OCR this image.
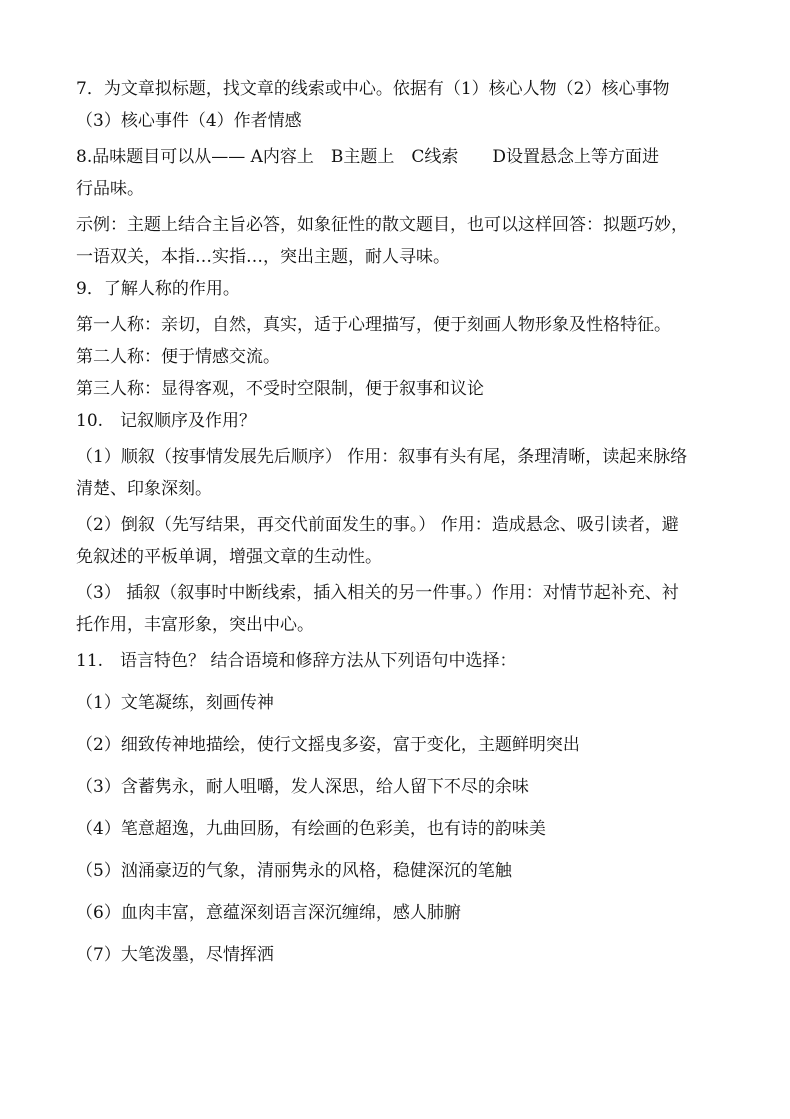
7．为文章拟标题，找文章的线索或中心。依据有（1）核心人物（2）核心事物
（3）核心事件（4）作者情感
8.品味题目可以从—— A内容上　B主题上　C线索　　D设置悬念上等方面进
行品味。
示例：主题上结合主旨必答，如象征性的散文题目，也可以这样回答：拟题巧妙，
一语双关，本指…实指…，突出主题，耐人寻味。
9．了解人称的作用。
第一人称：亲切，自然，真实，适于心理描写，便于刻画人物形象及性格特征。
第二人称：便于情感交流。
第三人称：显得客观，不受时空限制，便于叙事和议论
10.　记叙顺序及作用？
（1）顺叙（按事情发展先后顺序） 作用：叙事有头有尾，条理清晰，读起来脉络
清楚、印象深刻。
（2）倒叙（先写结果，再交代前面发生的事。） 作用：造成悬念、吸引读者，避
免叙述的平板单调，增强文章的生动性。
（3） 插叙（叙事时中断线索，插入相关的另一件事。）作用：对情节起补充、衬
托作用，丰富形象，突出中心。
11.　语言特色？ 结合语境和修辞方法从下列语句中选择：
（1）文笔凝练，刻画传神
（2）细致传神地描绘，使行文摇曳多姿，富于变化，主题鲜明突出
（3）含蓄隽永，耐人咀嚼，发人深思，给人留下不尽的余味
（4）笔意超逸，九曲回肠，有绘画的色彩美，也有诗的韵味美
（5）汹涌豪迈的气象，清丽隽永的风格，稳健深沉的笔触
（6）血肉丰富，意蕴深刻语言深沉缠绵，感人肺腑
（7）大笔泼墨，尽情挥洒
